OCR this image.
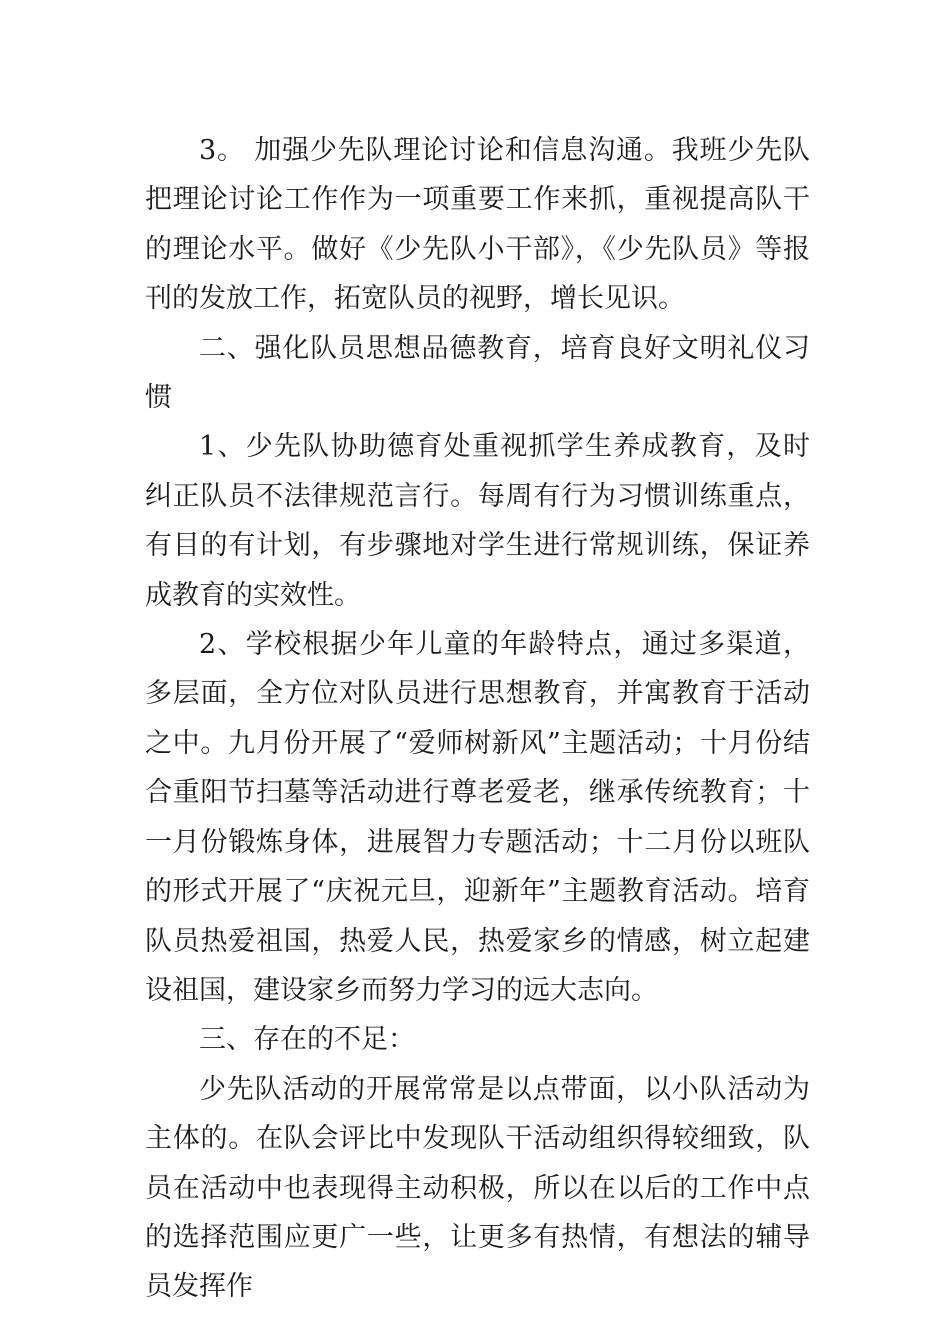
3。 加强少先队理论讨论和信息沟通。我班少先队把理论讨论工作作为一项重要工作来抓，重视提高队干的理论水平。做好《少先队小干部》，《少先队员》等报刊的发放工作，拓宽队员的视野，增长见识。

二、强化队员思想品德教育，培育良好文明礼仪习惯

1、少先队协助德育处重视抓学生养成教育，及时纠正队员不法律规范言行。每周有行为习惯训练重点，有目的有计划，有步骤地对学生进行常规训练，保证养成教育的实效性。

2、学校根据少年儿童的年龄特点，通过多渠道，多层面，全方位对队员进行思想教育，并寓教育于活动之中。九月份开展了“爱师树新风”主题活动；十月份结合重阳节扫墓等活动进行尊老爱老，继承传统教育；十一月份锻炼身体，进展智力专题活动；十二月份以班队的形式开展了“庆祝元旦，迎新年”主题教育活动。培育队员热爱祖国，热爱人民，热爱家乡的情感，树立起建设祖国，建设家乡而努力学习的远大志向。

三、存在的不足：

少先队活动的开展常常是以点带面，以小队活动为主体的。在队会评比中发现队干活动组织得较细致，队员在活动中也表现得主动积极，所以在以后的工作中点的选择范围应更广一些，让更多有热情，有想法的辅导员发挥作
